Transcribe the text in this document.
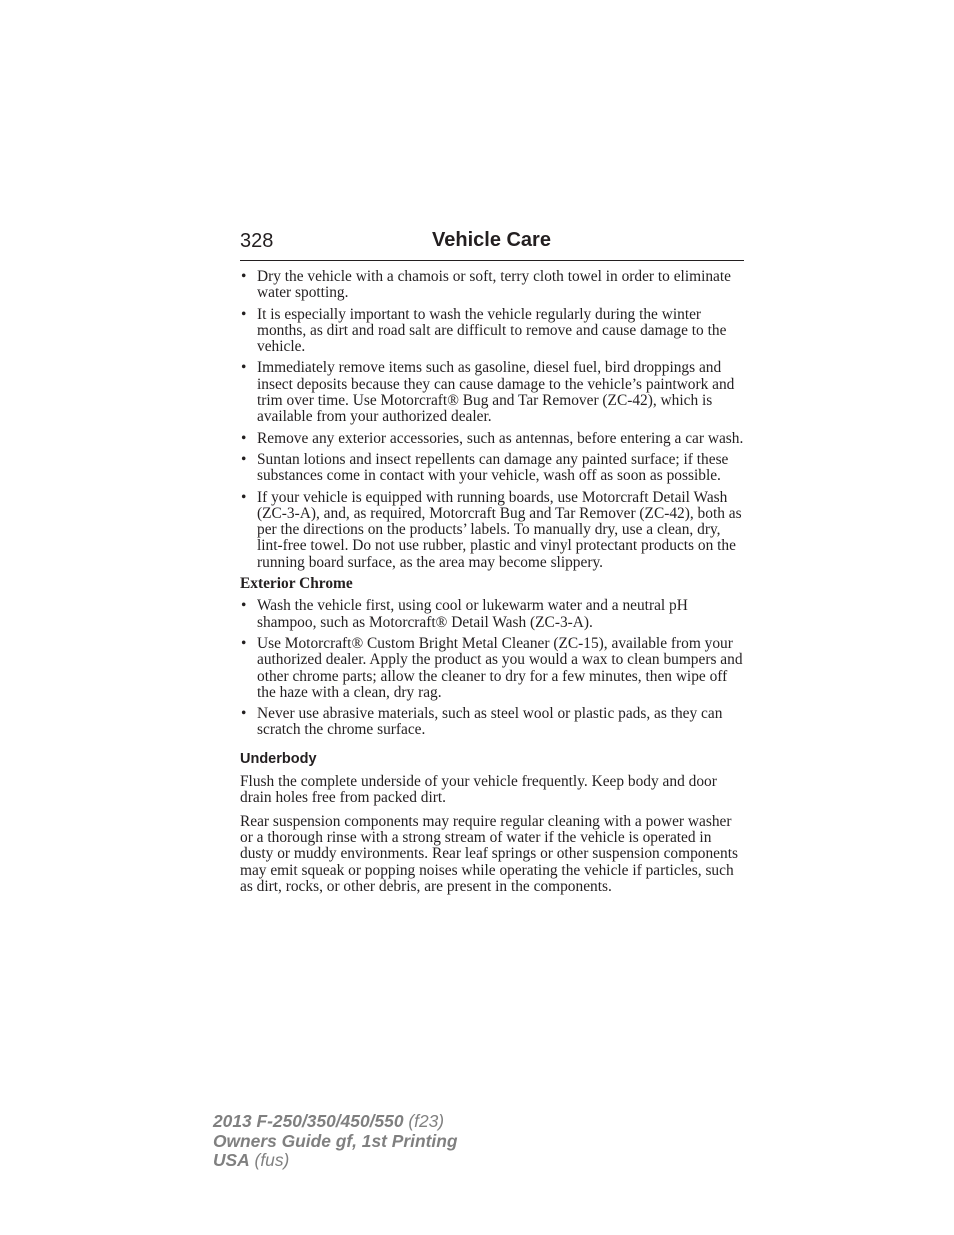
328	Vehicle Care
• Dry the vehicle with a chamois or soft, terry cloth towel in order to eliminate water spotting.
• It is especially important to wash the vehicle regularly during the winter months, as dirt and road salt are difficult to remove and cause damage to the vehicle.
• Immediately remove items such as gasoline, diesel fuel, bird droppings and insect deposits because they can cause damage to the vehicle’s paintwork and trim over time. Use Motorcraft® Bug and Tar Remover (ZC-42), which is available from your authorized dealer.
• Remove any exterior accessories, such as antennas, before entering a car wash.
• Suntan lotions and insect repellents can damage any painted surface; if these substances come in contact with your vehicle, wash off as soon as possible.
• If your vehicle is equipped with running boards, use Motorcraft Detail Wash (ZC-3-A), and, as required, Motorcraft Bug and Tar Remover (ZC-42), both as per the directions on the products’ labels. To manually dry, use a clean, dry, lint-free towel. Do not use rubber, plastic and vinyl protectant products on the running board surface, as the area may become slippery.
Exterior Chrome
• Wash the vehicle first, using cool or lukewarm water and a neutral pH shampoo, such as Motorcraft® Detail Wash (ZC-3-A).
• Use Motorcraft® Custom Bright Metal Cleaner (ZC-15), available from your authorized dealer. Apply the product as you would a wax to clean bumpers and other chrome parts; allow the cleaner to dry for a few minutes, then wipe off the haze with a clean, dry rag.
• Never use abrasive materials, such as steel wool or plastic pads, as they can scratch the chrome surface.
Underbody

Flush the complete underside of your vehicle frequently. Keep body and door drain holes free from packed dirt.

Rear suspension components may require regular cleaning with a power washer or a thorough rinse with a strong stream of water if the vehicle is operated in dusty or muddy environments. Rear leaf springs or other suspension components may emit squeak or popping noises while operating the vehicle if particles, such as dirt, rocks, or other debris, are present in the components.

2013 F-250/350/450/550 (f23)
Owners Guide gf, 1st Printing
USA (fus)
